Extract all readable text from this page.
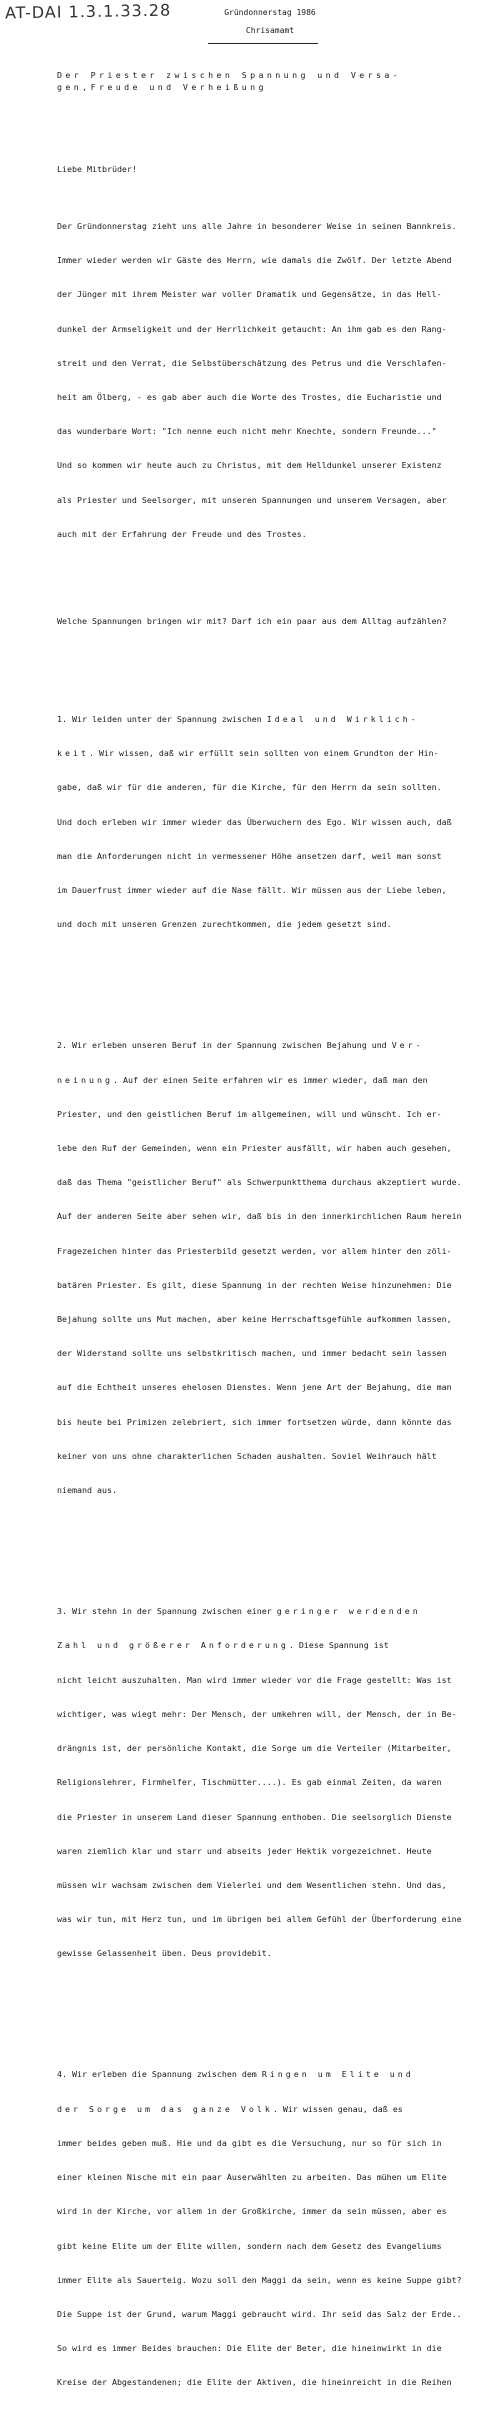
AT-DAI 1.3.1.33.28	Gründonnerstag 1986
Chrisamamt
Der Priester zwischen Spannung und Versa-
gen,Freude und Verheißung

Liebe Mitbrüder!

Der Gründonnerstag zieht uns alle Jahre in besonderer Weise in seinen Bannkreis.

Immer wieder werden wir Gäste des Herrn, wie damals die Zwölf. Der letzte Abend

der Jünger mit ihrem Meister war voller Dramatik und Gegensätze, in das Hell-

dunkel der Armseligkeit und der Herrlichkeit getaucht: An ihm gab es den Rang-

streit und den Verrat, die Selbstüberschätzung des Petrus und die Verschlafen-

heit am Ölberg, - es gab aber auch die Worte des Trostes, die Eucharistie und

das wunderbare Wort: "Ich nenne euch nicht mehr Knechte, sondern Freunde..."

Und so kommen wir heute auch zu Christus, mit dem Helldunkel unserer Existenz

als Priester und Seelsorger, mit unseren Spannungen und unserem Versagen, aber

auch mit der Erfahrung der Freude und des Trostes.

Welche Spannungen bringen wir mit? Darf ich ein paar aus dem Alltag aufzählen?

1. Wir leiden unter der Spannung zwischen Ideal und Wirklich-

keit. Wir wissen, daß wir erfüllt sein sollten von einem Grundton der Hin-

gabe, daß wir für die anderen, für die Kirche, für den Herrn da sein sollten.

Und doch erleben wir immer wieder das Überwuchern des Ego. Wir wissen auch, daß

man die Anforderungen nicht in vermessener Höhe ansetzen darf, weil man sonst

im Dauerfrust immer wieder auf die Nase fällt. Wir müssen aus der Liebe leben,

und doch mit unseren Grenzen zurechtkommen, die jedem gesetzt sind.

2. Wir erleben unseren Beruf in der Spannung zwischen Bejahung und Ver-

neinung. Auf der einen Seite erfahren wir es immer wieder, daß man den

Priester, und den geistlichen Beruf im allgemeinen, will und wünscht. Ich er-

lebe den Ruf der Gemeinden, wenn ein Priester ausfällt, wir haben auch gesehen,

daß das Thema "geistlicher Beruf" als Schwerpunktthema durchaus akzeptiert wurde.

Auf der anderen Seite aber sehen wir, daß bis in den innerkirchlichen Raum herein

Fragezeichen hinter das Priesterbild gesetzt werden, vor allem hinter den zöli-

batären Priester. Es gilt, diese Spannung in der rechten Weise hinzunehmen: Die

Bejahung sollte uns Mut machen, aber keine Herrschaftsgefühle aufkommen lassen,

der Widerstand sollte uns selbstkritisch machen, und immer bedacht sein lassen

auf die Echtheit unseres ehelosen Dienstes. Wenn jene Art der Bejahung, die man

bis heute bei Primizen zelebriert, sich immer fortsetzen würde, dann könnte das

keiner von uns ohne charakterlichen Schaden aushalten. Soviel Weihrauch hält

niemand aus.

3. Wir stehn in der Spannung zwischen einer geringer werdenden

Zahl und größerer Anforderung. Diese Spannung ist

nicht leicht auszuhalten. Man wird immer wieder vor die Frage gestellt: Was ist

wichtiger, was wiegt mehr: Der Mensch, der umkehren will, der Mensch, der in Be-

drängnis ist, der persönliche Kontakt, die Sorge um die Verteiler (Mitarbeiter,

Religionslehrer, Firmhelfer, Tischmütter....). Es gab einmal Zeiten, da waren

die Priester in unserem Land dieser Spannung enthoben. Die seelsorglich Dienste

waren ziemlich klar und starr und abseits jeder Hektik vorgezeichnet. Heute

müssen wir wachsam zwischen dem Vielerlei und dem Wesentlichen stehn. Und das,

was wir tun, mit Herz tun, und im übrigen bei allem Gefühl der Überforderung eine

gewisse Gelassenheit üben. Deus providebit.

4. Wir erleben die Spannung zwischen dem Ringen um Elite und

der Sorge um das ganze Volk. Wir wissen genau, daß es

immer beides geben muß. Hie und da gibt es die Versuchung, nur so für sich in

einer kleinen Nische mit ein paar Auserwählten zu arbeiten. Das mühen um Elite

wird in der Kirche, vor allem in der Großkirche, immer da sein müssen, aber es

gibt keine Elite um der Elite willen, sondern nach dem Gesetz des Evangeliums

immer Elite als Sauerteig. Wozu soll den Maggi da sein, wenn es keine Suppe gibt?

Die Suppe ist der Grund, warum Maggi gebraucht wird. Ihr seid das Salz der Erde..

So wird es immer Beides brauchen: Die Elite der Beter, die hineinwirkt in die

Kreise der Abgestandenen; die Elite der Aktiven, die hineinreicht in die Reihen
